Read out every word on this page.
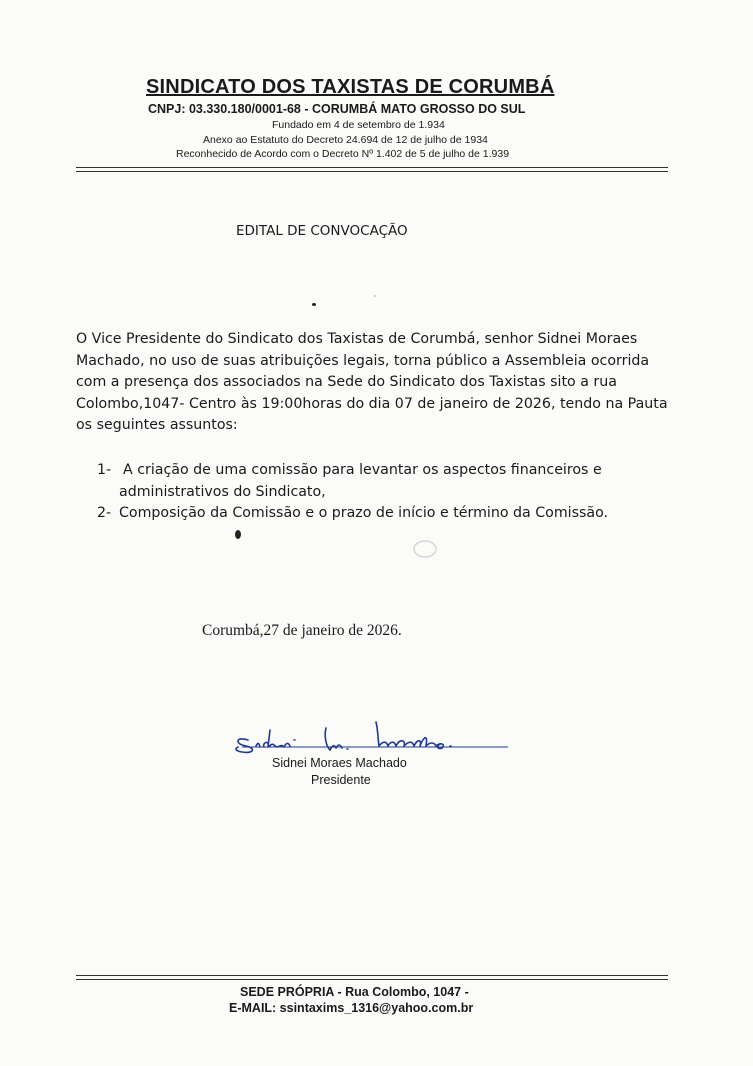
SINDICATO DOS TAXISTAS DE CORUMBÁ
CNPJ: 03.330.180/0001-68 - CORUMBÁ MATO GROSSO DO SUL
Fundado em 4 de setembro de 1.934
Anexo ao Estatuto do Decreto 24.694 de 12 de julho de 1934
Reconhecido de Acordo com o Decreto Nº 1.402 de 5 de julho de 1.939
EDITAL DE CONVOCAÇÃO
O Vice Presidente do Sindicato dos Taxistas de Corumbá, senhor Sidnei Moraes
Machado, no uso de suas atribuições legais, torna público a Assembleia ocorrida
com a presença dos associados na Sede do Sindicato dos Taxistas sito a rua
Colombo,1047- Centro às 19:00horas do dia 07 de janeiro de 2026, tendo na Pauta
os seguintes assuntos:
1- A criação de uma comissão para levantar os aspectos financeiros e
administrativos do Sindicato,
2- Composição da Comissão e o prazo de início e término da Comissão.
Corumbá,27 de janeiro de 2026.
Sidnei Moraes Machado
Presidente
SEDE PRÓPRIA - Rua Colombo, 1047 -
E-MAIL: ssintaxims_1316@yahoo.com.br
